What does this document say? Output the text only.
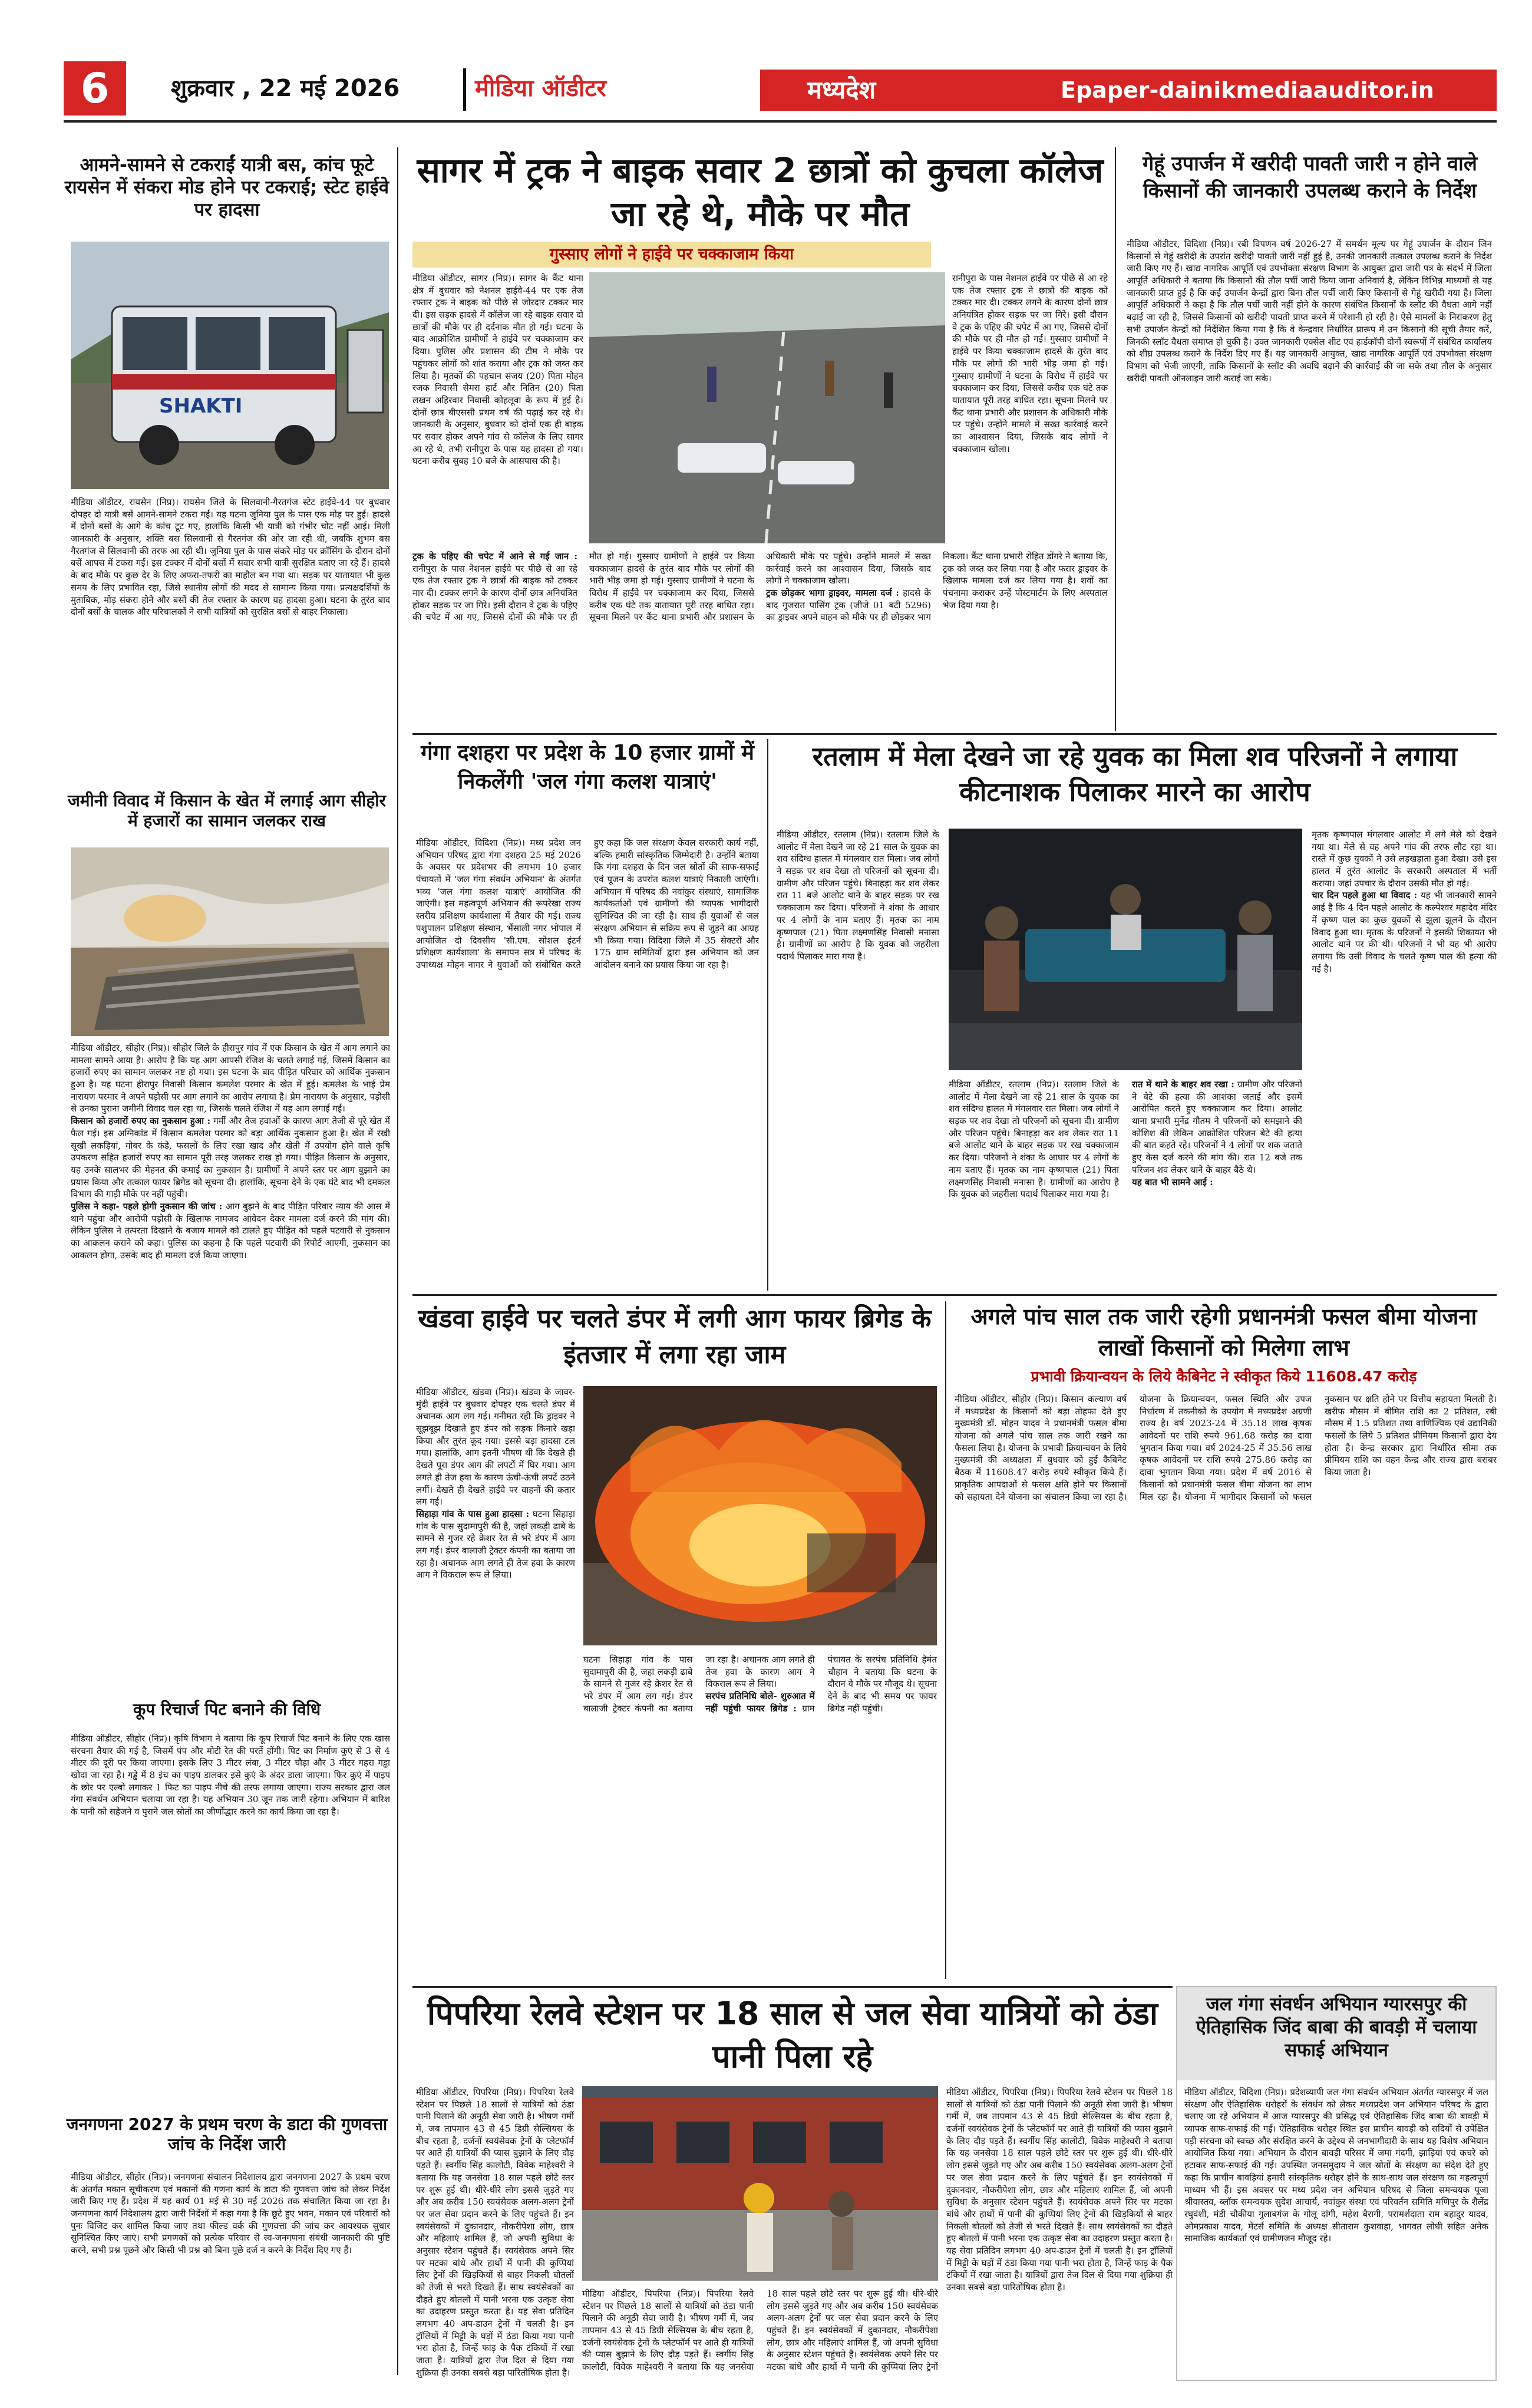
6	शुक्रवार , 22 मई 2026	मीडिया ऑडीटर	मध्यदेश	Epaper-dainikmediaauditor.in
आमने-सामने से टकराईं यात्री बस, कांच फूटे रायसेन में संकरा मोड होने पर टकराई; स्टेट हाईवे पर हादसा
SHAKTI
मीडिया ऑडीटर, रायसेन (निप्र)। रायसेन जिले के सिलवानी-गैरतगंज स्टेट हाईवे-44 पर बुधवार दोपहर दो यात्री बसें आमने-सामने टकरा गईं। यह घटना जुनिया पुल के पास एक मोड़ पर हुई। हादसे में दोनों बसों के आगे के कांच टूट गए, हालांकि किसी भी यात्री को गंभीर चोट नहीं आई। मिली जानकारी के अनुसार, शक्ति बस सिलवानी से गैरतगंज की ओर जा रही थी, जबकि शुभम बस गैरतगंज से सिलवानी की तरफ आ रही थी। जुनिया पुल के पास संकरे मोड़ पर क्रॉसिंग के दौरान दोनों बसें आपस में टकरा गईं। इस टक्कर में दोनों बसों में सवार सभी यात्री सुरक्षित बताए जा रहे हैं। हादसे के बाद मौके पर कुछ देर के लिए अफरा-तफरी का माहौल बन गया था। सड़क पर यातायात भी कुछ समय के लिए प्रभावित रहा, जिसे स्थानीय लोगों की मदद से सामान्य किया गया। प्रत्यक्षदर्शियों के मुताबिक, मोड़ संकरा होने और बसों की तेज रफ्तार के कारण यह हादसा हुआ। घटना के तुरंत बाद दोनों बसों के चालक और परिचालकों ने सभी यात्रियों को सुरक्षित बसों से बाहर निकाला।
जमीनी विवाद में किसान के खेत में लगाई आग सीहोर में हजारों का सामान जलकर राख

मीडिया ऑडीटर, सीहोर (निप्र)। सीहोर जिले के हीरापुर गांव में एक किसान के खेत में आग लगाने का मामला सामने आया है। आरोप है कि यह आग आपसी रंजिश के चलते लगाई गई, जिसमें किसान का हजारों रुपए का सामान जलकर नष्ट हो गया। इस घटना के बाद पीड़ित परिवार को आर्थिक नुकसान हुआ है। यह घटना हीरापुर निवासी किसान कमलेश परमार के खेत में हुई। कमलेश के भाई प्रेम नारायण परमार ने अपने पड़ोसी पर आग लगाने का आरोप लगाया है। प्रेम नारायण के अनुसार, पड़ोसी से उनका पुराना जमीनी विवाद चल रहा था, जिसके चलते रंजिश में यह आग लगाई गई।

किसान को हजारों रुपए का नुकसान हुआ : गर्मी और तेज हवाओं के कारण आग तेजी से पूरे खेत में फैल गई। इस अग्निकांड में किसान कमलेश परमार को बड़ा आर्थिक नुकसान हुआ है। खेत में रखी सूखी लकड़ियां, गोबर के कंडे, फसलों के लिए रखा खाद और खेती में उपयोग होने वाले कृषि उपकरण सहित हजारों रुपए का सामान पूरी तरह जलकर राख हो गया। पीड़ित किसान के अनुसार, यह उनके सालभर की मेहनत की कमाई का नुकसान है। ग्रामीणों ने अपने स्तर पर आग बुझाने का प्रयास किया और तत्काल फायर ब्रिगेड को सूचना दी। हालांकि, सूचना देने के एक घंटे बाद भी दमकल विभाग की गाड़ी मौके पर नहीं पहुंची।

पुलिस ने कहा- पहले होगी नुकसान की जांच : आग बुझने के बाद पीड़ित परिवार न्याय की आस में थाने पहुंचा और आरोपी पड़ोसी के खिलाफ नामजद आवेदन देकर मामला दर्ज करने की मांग की। लेकिन पुलिस ने तत्परता दिखाने के बजाय मामले को टालते हुए पीड़ित को पहले पटवारी से नुकसान का आकलन कराने को कहा। पुलिस का कहना है कि पहले पटवारी की रिपोर्ट आएगी, नुकसान का आकलन होगा, उसके बाद ही मामला दर्ज किया जाएगा।

कूप रिचार्ज पिट बनाने की विधि
मीडिया ऑडीटर, सीहोर (निप्र)। कृषि विभाग ने बताया कि कूप रिचार्ज पिट बनाने के लिए एक खास संरचना तैयार की गई है, जिसमें पंप और मोटी रेत की परतें होंगी। पिट का निर्माण कुएं से 3 से 4 मीटर की दूरी पर किया जाएगा। इसके लिए 3 मीटर लंबा, 3 मीटर चौड़ा और 3 मीटर गहरा गड्ढा खोदा जा रहा है। गड्ढे में 8 इंच का पाइप डालकर इसे कुएं के अंदर डाला जाएगा। फिर कुएं में पाइप के छोर पर एल्बो लगाकर 1 फिट का पाइप नीचे की तरफ लगाया जाएगा। राज्य सरकार द्वारा जल गंगा संवर्धन अभियान चलाया जा रहा है। यह अभियान 30 जून तक जारी रहेगा। अभियान में बारिश के पानी को सहेजने व पुराने जल स्रोतों का जीर्णोद्धार करने का कार्य किया जा रहा है।
जनगणना 2027 के प्रथम चरण के डाटा की गुणवत्ता जांच के निर्देश जारी
मीडिया ऑडीटर, सीहोर (निप्र)। जनगणना संचालन निदेशालय द्वारा जनगणना 2027 के प्रथम चरण के अंतर्गत मकान सूचीकरण एवं मकानों की गणना कार्य के डाटा की गुणवत्ता जांच को लेकर निर्देश जारी किए गए हैं। प्रदेश में यह कार्य 01 मई से 30 मई 2026 तक संचालित किया जा रहा है। जनगणना कार्य निदेशालय द्वारा जारी निर्देशों में कहा गया है कि छूटे हुए भवन, मकान एवं परिवारों को पुनः विजिट कर शामिल किया जाए तथा फील्ड वर्क की गुणवत्ता की जांच कर आवश्यक सुधार सुनिश्चित किए जाएं। सभी प्रगणकों को प्रत्येक परिवार से स्व-जनगणना संबंधी जानकारी की पुष्टि करने, सभी प्रश्न पूछने और किसी भी प्रश्न को बिना पूछे दर्ज न करने के निर्देश दिए गए हैं।
सागर में ट्रक ने बाइक सवार 2 छात्रों को कुचला कॉलेज जा रहे थे, मौके पर मौत
गुस्साए लोगों ने हाईवे पर चक्काजाम किया
मीडिया ऑडीटर, सागर (निप्र)। सागर के कैंट थाना क्षेत्र में बुधवार को नेशनल हाईवे-44 पर एक तेज रफ्तार ट्रक ने बाइक को पीछे से जोरदार टक्कर मार दी। इस सड़क हादसे में कॉलेज जा रहे बाइक सवार दो छात्रों की मौके पर ही दर्दनाक मौत हो गई। घटना के बाद आक्रोशित ग्रामीणों ने हाईवे पर चक्काजाम कर दिया। पुलिस और प्रशासन की टीम ने मौके पर पहुंचकर लोगों को शांत कराया और ट्रक को जब्त कर लिया है। मृतकों की पहचान संजय (20) पिता मोहन रजक निवासी सेमरा हार्ट और नितिन (20) पिता लखन अहिरवार निवासी कोहलूवा के रूप में हुई है। दोनों छात्र बीएससी प्रथम वर्ष की पढ़ाई कर रहे थे। जानकारी के अनुसार, बुधवार को दोनों एक ही बाइक पर सवार होकर अपने गांव से कॉलेज के लिए सागर आ रहे थे, तभी रानीपुरा के पास यह हादसा हो गया। घटना करीब सुबह 10 बजे के आसपास की है।
रानीपुरा के पास नेशनल हाईवे पर पीछे से आ रहे एक तेज रफ्तार ट्रक ने छात्रों की बाइक को टक्कर मार दी। टक्कर लगने के कारण दोनों छात्र अनियंत्रित होकर सड़क पर जा गिरे। इसी दौरान वे ट्रक के पहिए की चपेट में आ गए, जिससे दोनों की मौके पर ही मौत हो गई। गुस्साए ग्रामीणों ने हाईवे पर किया चक्काजाम हादसे के तुरंत बाद मौके पर लोगों की भारी भीड़ जमा हो गई। गुस्साए ग्रामीणों ने घटना के विरोध में हाईवे पर चक्काजाम कर दिया, जिससे करीब एक घंटे तक यातायात पूरी तरह बाधित रहा। सूचना मिलने पर कैंट थाना प्रभारी और प्रशासन के अधिकारी मौके पर पहुंचे। उन्होंने मामले में सख्त कार्रवाई करने का आश्वासन दिया, जिसके बाद लोगों ने चक्काजाम खोला।
ट्रक के पहिए की चपेट में आने से गई जान : रानीपुरा के पास नेशनल हाईवे पर पीछे से आ रहे एक तेज रफ्तार ट्रक ने छात्रों की बाइक को टक्कर मार दी। टक्कर लगने के कारण दोनों छात्र अनियंत्रित होकर सड़क पर जा गिरे। इसी दौरान वे ट्रक के पहिए की चपेट में आ गए, जिससे दोनों की मौके पर ही मौत हो गई। गुस्साए ग्रामीणों ने हाईवे पर किया चक्काजाम हादसे के तुरंत बाद मौके पर लोगों की भारी भीड़ जमा हो गई। गुस्साए ग्रामीणों ने घटना के विरोध में हाईवे पर चक्काजाम कर दिया, जिससे करीब एक घंटे तक यातायात पूरी तरह बाधित रहा। सूचना मिलने पर कैंट थाना प्रभारी और प्रशासन के अधिकारी मौके पर पहुंचे। उन्होंने मामले में सख्त कार्रवाई करने का आश्वासन दिया, जिसके बाद लोगों ने चक्काजाम खोला।

ट्रक छोड़कर भागा ड्राइवर, मामला दर्ज : हादसे के बाद गुजरात पासिंग ट्रक (जीजे 01 बटी 5296) का ड्राइवर अपने वाहन को मौके पर ही छोड़कर भाग निकला। कैंट थाना प्रभारी रोहित डोंगरे ने बताया कि, ट्रक को जब्त कर लिया गया है और फरार ड्राइवर के खिलाफ मामला दर्ज कर लिया गया है। शवों का पंचनामा कराकर उन्हें पोस्टमार्टम के लिए अस्पताल भेज दिया गया है।

गेहूं उपार्जन में खरीदी पावती जारी न होने वाले किसानों की जानकारी उपलब्ध कराने के निर्देश
मीडिया ऑडीटर, विदिशा (निप्र)। रबी विपणन वर्ष 2026-27 में समर्थन मूल्य पर गेहूं उपार्जन के दौरान जिन किसानों से गेहूं खरीदी के उपरांत खरीदी पावती जारी नहीं हुई है, उनकी जानकारी तत्काल उपलब्ध कराने के निर्देश जारी किए गए हैं। खाद्य नागरिक आपूर्ति एवं उपभोक्ता संरक्षण विभाग के आयुक्त द्वारा जारी पत्र के संदर्भ में जिला आपूर्ति अधिकारी ने बताया कि किसानों की तौल पर्ची जारी किया जाना अनिवार्य है, लेकिन विभिन्न माध्यमों से यह जानकारी प्राप्त हुई है कि कई उपार्जन केन्द्रों द्वारा बिना तौल पर्ची जारी किए किसानों से गेहूं खरीदी गया है। जिला आपूर्ति अधिकारी ने कहा है कि तौल पर्ची जारी नहीं होने के कारण संबंधित किसानों के स्लॉट की वैधता आगे नहीं बढ़ाई जा रही है, जिससे किसानों को खरीदी पावती प्राप्त करने में परेशानी हो रही है। ऐसे मामलों के निराकरण हेतु सभी उपार्जन केन्द्रों को निर्देशित किया गया है कि वे केन्द्रवार निर्धारित प्रारूप में उन किसानों की सूची तैयार करें, जिनकी स्लॉट वैधता समाप्त हो चुकी है। उक्त जानकारी एक्सेल शीट एवं हार्डकॉपी दोनों स्वरूपों में संबंधित कार्यालय को शीघ्र उपलब्ध कराने के निर्देश दिए गए हैं। यह जानकारी आयुक्त, खाद्य नागरिक आपूर्ति एवं उपभोक्ता संरक्षण विभाग को भेजी जाएगी, ताकि किसानों के स्लॉट की अवधि बढ़ाने की कार्रवाई की जा सके तथा तौल के अनुसार खरीदी पावती ऑनलाइन जारी कराई जा सके।
गंगा दशहरा पर प्रदेश के 10 हजार ग्रामों में निकलेंगी 'जल गंगा कलश यात्राएं'
मीडिया ऑडीटर, विदिशा (निप्र)। मध्य प्रदेश जन अभियान परिषद द्वारा गंगा दशहरा 25 मई 2026 के अवसर पर प्रदेशभर की लगभग 10 हजार पंचायतों में 'जल गंगा संवर्धन अभियान' के अंतर्गत भव्य 'जल गंगा कलश यात्राएं' आयोजित की जाएंगी। इस महत्वपूर्ण अभियान की रूपरेखा राज्य स्तरीय प्रशिक्षण कार्यशाला में तैयार की गई। राज्य पशुपालन प्रशिक्षण संस्थान, भैंसाली नगर भोपाल में आयोजित दो दिवसीय 'सी.एम. सोशल इंटर्न प्रशिक्षण कार्यशाला' के समापन सत्र में परिषद के उपाध्यक्ष मोहन नागर ने युवाओं को संबोधित करते हुए कहा कि जल संरक्षण केवल सरकारी कार्य नहीं, बल्कि हमारी सांस्कृतिक जिम्मेदारी है। उन्होंने बताया कि गंगा दशहरा के दिन जल स्रोतों की साफ-सफाई एवं पूजन के उपरांत कलश यात्राएं निकाली जाएंगी। अभियान में परिषद की नवांकुर संस्थाएं, सामाजिक कार्यकर्ताओं एवं ग्रामीणों की व्यापक भागीदारी सुनिश्चित की जा रही है। साथ ही युवाओं से जल संरक्षण अभियान से सक्रिय रूप से जुड़ने का आग्रह भी किया गया। विदिशा जिले में 35 सेक्टरों और 175 ग्राम समितियों द्वारा इस अभियान को जन आंदोलन बनाने का प्रयास किया जा रहा है।
रतलाम में मेला देखने जा रहे युवक का मिला शव परिजनों ने लगाया कीटनाशक पिलाकर मारने का आरोप
मीडिया ऑडीटर, रतलाम (निप्र)। रतलाम जिले के आलोट में मेला देखने जा रहे 21 साल के युवक का शव संदिग्ध हालत में मंगलवार रात मिला। जब लोगों ने सड़क पर शव देखा तो परिजनों को सूचना दी। ग्रामीण और परिजन पहुंचे। बिनाहड़ा कर शव लेकर रात 11 बजे आलोट थाने के बाहर सड़क पर रख चक्काजाम कर दिया। परिजनों ने शंका के आधार पर 4 लोगों के नाम बताए हैं। मृतक का नाम कृष्णपाल (21) पिता लक्ष्मणसिंह निवासी मनासा है। ग्रामीणों का आरोप है कि युवक को जहरीला पदार्थ पिलाकर मारा गया है।
मीडिया ऑडीटर, रतलाम (निप्र)। रतलाम जिले के आलोट में मेला देखने जा रहे 21 साल के युवक का शव संदिग्ध हालत में मंगलवार रात मिला। जब लोगों ने सड़क पर शव देखा तो परिजनों को सूचना दी। ग्रामीण और परिजन पहुंचे। बिनाहड़ा कर शव लेकर रात 11 बजे आलोट थाने के बाहर सड़क पर रख चक्काजाम कर दिया। परिजनों ने शंका के आधार पर 4 लोगों के नाम बताए हैं। मृतक का नाम कृष्णपाल (21) पिता लक्ष्मणसिंह निवासी मनासा है। ग्रामीणों का आरोप है कि युवक को जहरीला पदार्थ पिलाकर मारा गया है।

रात में थाने के बाहर शव रखा : ग्रामीण और परिजनों ने बेटे की हत्या की आशंका जताई और इसमें आरोपित करते हुए चक्काजाम कर दिया। आलोट थाना प्रभारी मुनेंद्र गौतम ने परिजनों को समझाने की कोशिश की लेकिन आक्रोशित परिजन बेटे की हत्या की बात कहते रहे। परिजनों ने 4 लोगों पर शक जताते हुए केस दर्ज करने की मांग की। रात 12 बजे तक परिजन शव लेकर थाने के बाहर बैठे थे।

यह बात भी सामने आई :

मृतक कृष्णपाल मंगलवार आलोट में लगे मेले को देखने गया था। मेले से वह अपने गांव की तरफ लौट रहा था। रास्ते में कुछ युवकों ने उसे लड़खड़ाता हुआ देखा। उसे इस हालत में तुरंत आलोट के सरकारी अस्पताल में भर्ती कराया। जहां उपचार के दौरान उसकी मौत हो गई।

चार दिन पहले हुआ था विवाद : यह भी जानकारी सामने आई है कि 4 दिन पहले आलोट के कल्पेश्वर महादेव मंदिर में कृष्ण पाल का कुछ युवकों से झूला झूलने के दौरान विवाद हुआ था। मृतक के परिजनों ने इसकी शिकायत भी आलोट थाने पर की थी। परिजनों ने भी यह भी आरोप लगाया कि उसी विवाद के चलते कृष्ण पाल की हत्या की गई है।

खंडवा हाईवे पर चलते डंपर में लगी आग फायर ब्रिगेड के इंतजार में लगा रहा जाम
मीडिया ऑडीटर, खंडवा (निप्र)। खंडवा के जावर-मुंदी हाईवे पर बुधवार दोपहर एक चलते डंपर में अचानक आग लग गई। गनीमत रही कि ड्राइवर ने सूझबूझ दिखाते हुए डंपर को सड़क किनारे खड़ा किया और तुरंत कूद गया। इससे बड़ा हादसा टल गया। हालांकि, आग इतनी भीषण थी कि देखते ही देखते पूरा डंपर आग की लपटों में घिर गया। आग लगते ही तेज हवा के कारण ऊंची-ऊंची लपटें उठने लगीं। देखते ही देखते हाईवे पर वाहनों की कतार लग गई।

सिहाड़ा गांव के पास हुआ हादसा : घटना सिहाड़ा गांव के पास सुदामापुरी की है, जहां लकड़ी ढाबे के सामने से गुजर रहे क्रेशर रेत से भरे डंपर में आग लग गई। डंपर बालाजी ट्रेक्टर कंपनी का बताया जा रहा है। अचानक आग लगते ही तेज हवा के कारण आग ने विकराल रूप ले लिया।

घटना सिहाड़ा गांव के पास सुदामापुरी की है, जहां लकड़ी ढाबे के सामने से गुजर रहे क्रेशर रेत से भरे डंपर में आग लग गई। डंपर बालाजी ट्रेक्टर कंपनी का बताया जा रहा है। अचानक आग लगते ही तेज हवा के कारण आग ने विकराल रूप ले लिया।

सरपंच प्रतिनिधि बोले- शुरुआत में नहीं पहुंची फायर ब्रिगेड : ग्राम पंचायत के सरपंच प्रतिनिधि हेमंत चौहान ने बताया कि घटना के दौरान वे मौके पर मौजूद थे। सूचना देने के बाद भी समय पर फायर ब्रिगेड नहीं पहुंची।

अगले पांच साल तक जारी रहेगी प्रधानमंत्री फसल बीमा योजना लाखों किसानों को मिलेगा लाभ
प्रभावी क्रियान्वयन के लिये कैबिनेट ने स्वीकृत किये 11608.47 करोड़
मीडिया ऑडीटर, सीहोर (निप्र)। किसान कल्याण वर्ष में मध्यप्रदेश के किसानों को बड़ा तोहफा देते हुए मुख्यमंत्री डॉ. मोहन यादव ने प्रधानमंत्री फसल बीमा योजना को अगले पांच साल तक जारी रखने का फैसला लिया है। योजना के प्रभावी क्रियान्वयन के लिये मुख्यमंत्री की अध्यक्षता में बुधवार को हुई कैबिनेट बैठक में 11608.47 करोड़ रुपये स्वीकृत किये हैं। प्राकृतिक आपदाओं से फसल क्षति होने पर किसानों को सहायता देने योजना का संचालन किया जा रहा है। योजना के क्रियान्वयन, फसल स्थिति और उपज निर्धारण में तकनीकों के उपयोग में मध्यप्रदेश अग्रणी राज्य है। वर्ष 2023-24 में 35.18 लाख कृषक आवेदनों पर राशि रुपये 961.68 करोड़ का दावा भुगतान किया गया। वर्ष 2024-25 में 35.56 लाख कृषक आवेदनों पर राशि रुपये 275.86 करोड़ का दावा भुगतान किया गया। प्रदेश में वर्ष 2016 से किसानों को प्रधानमंत्री फसल बीमा योजना का लाभ मिल रहा है। योजना में भागीदार किसानों को फसल नुकसान पर क्षति होने पर वित्तीय सहायता मिलती है। खरीफ मौसम में बीमित राशि का 2 प्रतिशत, रबी मौसम में 1.5 प्रतिशत तथा वाणिज्यिक एवं उद्यानिकी फसलों के लिये 5 प्रतिशत प्रीमियम किसानों द्वारा देय होता है। केन्द्र सरकार द्वारा निर्धारित सीमा तक प्रीमियम राशि का वहन केन्द्र और राज्य द्वारा बराबर किया जाता है।
पिपरिया रेलवे स्टेशन पर 18 साल से जल सेवा यात्रियों को ठंडा पानी पिला रहे
मीडिया ऑडीटर, पिपरिया (निप्र)। पिपरिया रेलवे स्टेशन पर पिछले 18 सालों से यात्रियों को ठंडा पानी पिलाने की अनूठी सेवा जारी है। भीषण गर्मी में, जब तापमान 43 से 45 डिग्री सेल्सियस के बीच रहता है, दर्जनों स्वयंसेवक ट्रेनों के प्लेटफॉर्म पर आते ही यात्रियों की प्यास बुझाने के लिए दौड़ पड़ते हैं। स्वर्गीय सिंह कालोटी, विवेक माहेश्वरी ने बताया कि यह जनसेवा 18 साल पहले छोटे स्तर पर शुरू हुई थी। धीरे-धीरे लोग इससे जुड़ते गए और अब करीब 150 स्वयंसेवक अलग-अलग ट्रेनों पर जल सेवा प्रदान करने के लिए पहुंचते हैं। इन स्वयंसेवकों में दुकानदार, नौकरीपेशा लोग, छात्र और महिलाएं शामिल हैं, जो अपनी सुविधा के अनुसार स्टेशन पहुंचते हैं। स्वयंसेवक अपने सिर पर मटका बांधे और हाथों में पानी की कुप्पियां लिए ट्रेनों की खिड़कियों से बाहर निकली बोतलों को तेजी से भरते दिखते हैं। साथ स्वयंसेवकों का दौड़ते हुए बोतलों में पानी भरना एक उत्कृष्ट सेवा का उदाहरण प्रस्तुत करता है। यह सेवा प्रतिदिन लगभग 40 अप-डाउन ट्रेनों में चलती है। इन ट्रॉलियों में मिट्टी के घड़ों में ठंडा किया गया पानी भरा होता है, जिन्हें फाड़ के पैक टंकियों में रखा जाता है। यात्रियों द्वारा तेज दिल से दिया गया शुक्रिया ही उनका सबसे बड़ा पारितोषिक होता है।
मीडिया ऑडीटर, पिपरिया (निप्र)। पिपरिया रेलवे स्टेशन पर पिछले 18 सालों से यात्रियों को ठंडा पानी पिलाने की अनूठी सेवा जारी है। भीषण गर्मी में, जब तापमान 43 से 45 डिग्री सेल्सियस के बीच रहता है, दर्जनों स्वयंसेवक ट्रेनों के प्लेटफॉर्म पर आते ही यात्रियों की प्यास बुझाने के लिए दौड़ पड़ते हैं। स्वर्गीय सिंह कालोटी, विवेक माहेश्वरी ने बताया कि यह जनसेवा 18 साल पहले छोटे स्तर पर शुरू हुई थी। धीरे-धीरे लोग इससे जुड़ते गए और अब करीब 150 स्वयंसेवक अलग-अलग ट्रेनों पर जल सेवा प्रदान करने के लिए पहुंचते हैं। इन स्वयंसेवकों में दुकानदार, नौकरीपेशा लोग, छात्र और महिलाएं शामिल हैं, जो अपनी सुविधा के अनुसार स्टेशन पहुंचते हैं। स्वयंसेवक अपने सिर पर मटका बांधे और हाथों में पानी की कुप्पियां लिए ट्रेनों
मीडिया ऑडीटर, पिपरिया (निप्र)। पिपरिया रेलवे स्टेशन पर पिछले 18 सालों से यात्रियों को ठंडा पानी पिलाने की अनूठी सेवा जारी है। भीषण गर्मी में, जब तापमान 43 से 45 डिग्री सेल्सियस के बीच रहता है, दर्जनों स्वयंसेवक ट्रेनों के प्लेटफॉर्म पर आते ही यात्रियों की प्यास बुझाने के लिए दौड़ पड़ते हैं। स्वर्गीय सिंह कालोटी, विवेक माहेश्वरी ने बताया कि यह जनसेवा 18 साल पहले छोटे स्तर पर शुरू हुई थी। धीरे-धीरे लोग इससे जुड़ते गए और अब करीब 150 स्वयंसेवक अलग-अलग ट्रेनों पर जल सेवा प्रदान करने के लिए पहुंचते हैं। इन स्वयंसेवकों में दुकानदार, नौकरीपेशा लोग, छात्र और महिलाएं शामिल हैं, जो अपनी सुविधा के अनुसार स्टेशन पहुंचते हैं। स्वयंसेवक अपने सिर पर मटका बांधे और हाथों में पानी की कुप्पियां लिए ट्रेनों की खिड़कियों से बाहर निकली बोतलों को तेजी से भरते दिखते हैं। साथ स्वयंसेवकों का दौड़ते हुए बोतलों में पानी भरना एक उत्कृष्ट सेवा का उदाहरण प्रस्तुत करता है। यह सेवा प्रतिदिन लगभग 40 अप-डाउन ट्रेनों में चलती है। इन ट्रॉलियों में मिट्टी के घड़ों में ठंडा किया गया पानी भरा होता है, जिन्हें फाड़ के पैक टंकियों में रखा जाता है। यात्रियों द्वारा तेज दिल से दिया गया शुक्रिया ही उनका सबसे बड़ा पारितोषिक होता है।
जल गंगा संवर्धन अभियान ग्यारसपुर की ऐतिहासिक जिंद बाबा की बावड़ी में चलाया सफाई अभियान
मीडिया ऑडीटर, विदिशा (निप्र)। प्रदेशव्यापी जल गंगा संवर्धन अभियान अंतर्गत ग्यारसपुर में जल संरक्षण और ऐतिहासिक धरोहरों के संवर्धन को लेकर मध्यप्रदेश जन अभियान परिषद के द्वारा चलाए जा रहे अभियान में आज ग्यारसपुर की प्रसिद्ध एवं ऐतिहासिक जिंद बाबा की बावड़ी में व्यापक साफ-सफाई की गई। ऐतिहासिक धरोहर स्थित इस प्राचीन बावड़ी को सदियों से उपेक्षित पड़ी संरचना को स्वच्छ और संरक्षित करने के उद्देश्य से जनभागीदारी के साथ यह विशेष अभियान आयोजित किया गया। अभियान के दौरान बावड़ी परिसर में जमा गंदगी, झाड़ियां एवं कचरे को हटाकर साफ-सफाई की गई। उपस्थित जनसमुदाय ने जल स्रोतों के संरक्षण का संदेश देते हुए कहा कि प्राचीन बावड़ियां हमारी सांस्कृतिक धरोहर होने के साथ-साथ जल संरक्षण का महत्वपूर्ण माध्यम भी हैं। इस अवसर पर मध्य प्रदेश जन अभियान परिषद से जिला समन्वयक पूजा श्रीवास्तव, ब्लॉक समन्वयक सुदेश आचार्य, नवांकुर संस्था एवं परिवर्तन समिति मणिपुर के शैलेंद्र रघुवंशी, मंडी चौकीया गुलाबगंज के गोलू दांगी, महेश बैरागी, परामर्शदाता राम बहादुर यादव, ओमप्रकाश यादव, मेंटर्स समिति के अध्यक्ष सीताराम कुशवाहा, भागवत लोधी सहित अनेक सामाजिक कार्यकर्ता एवं ग्रामीणजन मौजूद रहे।
